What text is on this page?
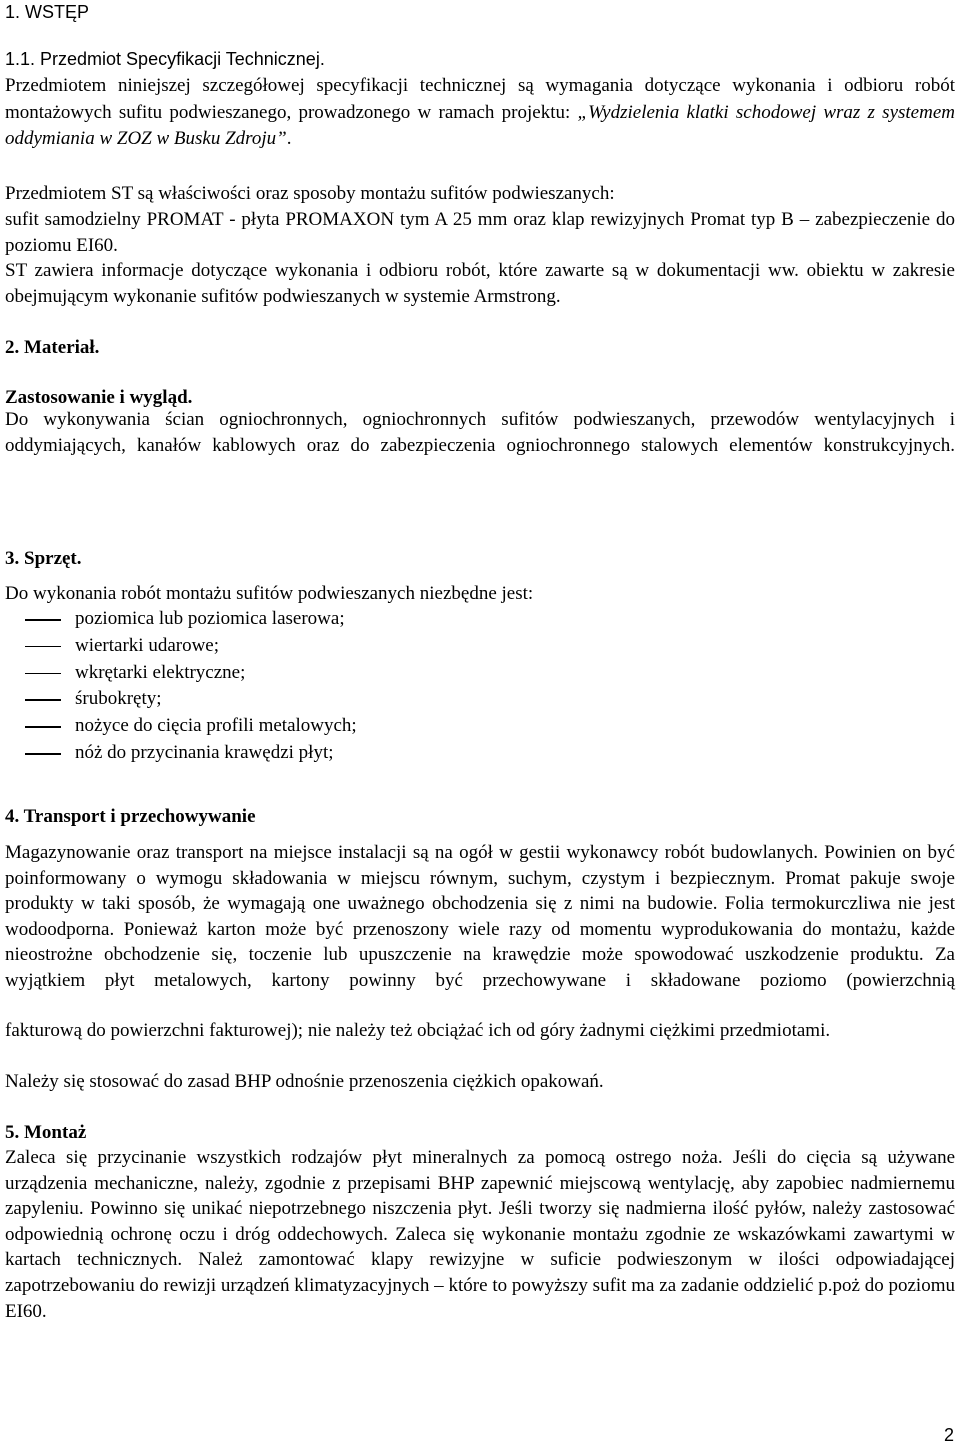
1. WSTĘP

1.1. Przedmiot Specyfikacji Technicznej.

Przedmiotem niniejszej szczegółowej specyfikacji technicznej są wymagania dotyczące wykonania i odbioru robót montażowych sufitu podwieszanego, prowadzonego w ramach projektu: „Wydzielenia klatki schodowej wraz z systemem oddymiania w ZOZ w Busku Zdroju”.

Przedmiotem ST są właściwości oraz sposoby montażu sufitów podwieszanych:

sufit samodzielny PROMAT - płyta PROMAXON tym A 25 mm oraz klap rewizyjnych Promat typ B – zabezpieczenie do poziomu EI60.

ST zawiera informacje dotyczące wykonania i odbioru robót, które zawarte są w dokumentacji ww. obiektu w zakresie obejmującym wykonanie sufitów podwieszanych w systemie Armstrong.

2. Materiał.

Zastosowanie i wygląd.

Do wykonywania ścian ogniochronnych, ogniochronnych sufitów podwieszanych, przewodów wentylacyjnych i oddymiających, kanałów kablowych oraz do zabezpieczenia ogniochronnego stalowych elementów konstrukcyjnych.

3. Sprzęt.

Do wykonania robót montażu sufitów podwieszanych niezbędne jest:

poziomica lub poziomica laserowa;
wiertarki udarowe;
wkrętarki elektryczne;
śrubokręty;
nożyce do cięcia profili metalowych;
nóż do przycinania krawędzi płyt;

4. Transport i przechowywanie

Magazynowanie oraz transport na miejsce instalacji są na ogół w gestii wykonawcy robót budowlanych. Powinien on być poinformowany o wymogu składowania w miejscu równym, suchym, czystym i bezpiecznym. Promat pakuje swoje produkty w taki sposób, że wymagają one uważnego obchodzenia się z nimi na budowie. Folia termokurczliwa nie jest wodoodporna. Ponieważ karton może być przenoszony wiele razy od momentu wyprodukowania do montażu, każde nieostrożne obchodzenie się, toczenie lub upuszczenie na krawędzie może spowodować uszkodzenie produktu. Za wyjątkiem płyt metalowych, kartony powinny być przechowywane i składowane poziomo (powierzchnią

fakturową do powierzchni fakturowej); nie należy też obciążać ich od góry żadnymi ciężkimi przedmiotami.

Należy się stosować do zasad BHP odnośnie przenoszenia ciężkich opakowań.

5. Montaż

Zaleca się przycinanie wszystkich rodzajów płyt mineralnych za pomocą ostrego noża. Jeśli do cięcia są używane urządzenia mechaniczne, należy, zgodnie z przepisami BHP zapewnić miejscową wentylację, aby zapobiec nadmiernemu zapyleniu. Powinno się unikać niepotrzebnego niszczenia płyt. Jeśli tworzy się nadmierna ilość pyłów, należy zastosować odpowiednią ochronę oczu i dróg oddechowych. Zaleca się wykonanie montażu zgodnie ze wskazówkami zawartymi w kartach technicznych. Należ zamontować klapy rewizyjne w suficie podwieszonym w ilości odpowiadającej zapotrzebowaniu do rewizji urządzeń klimatyzacyjnych – które to powyższy sufit ma za zadanie oddzielić p.poż do poziomu EI60.

2
